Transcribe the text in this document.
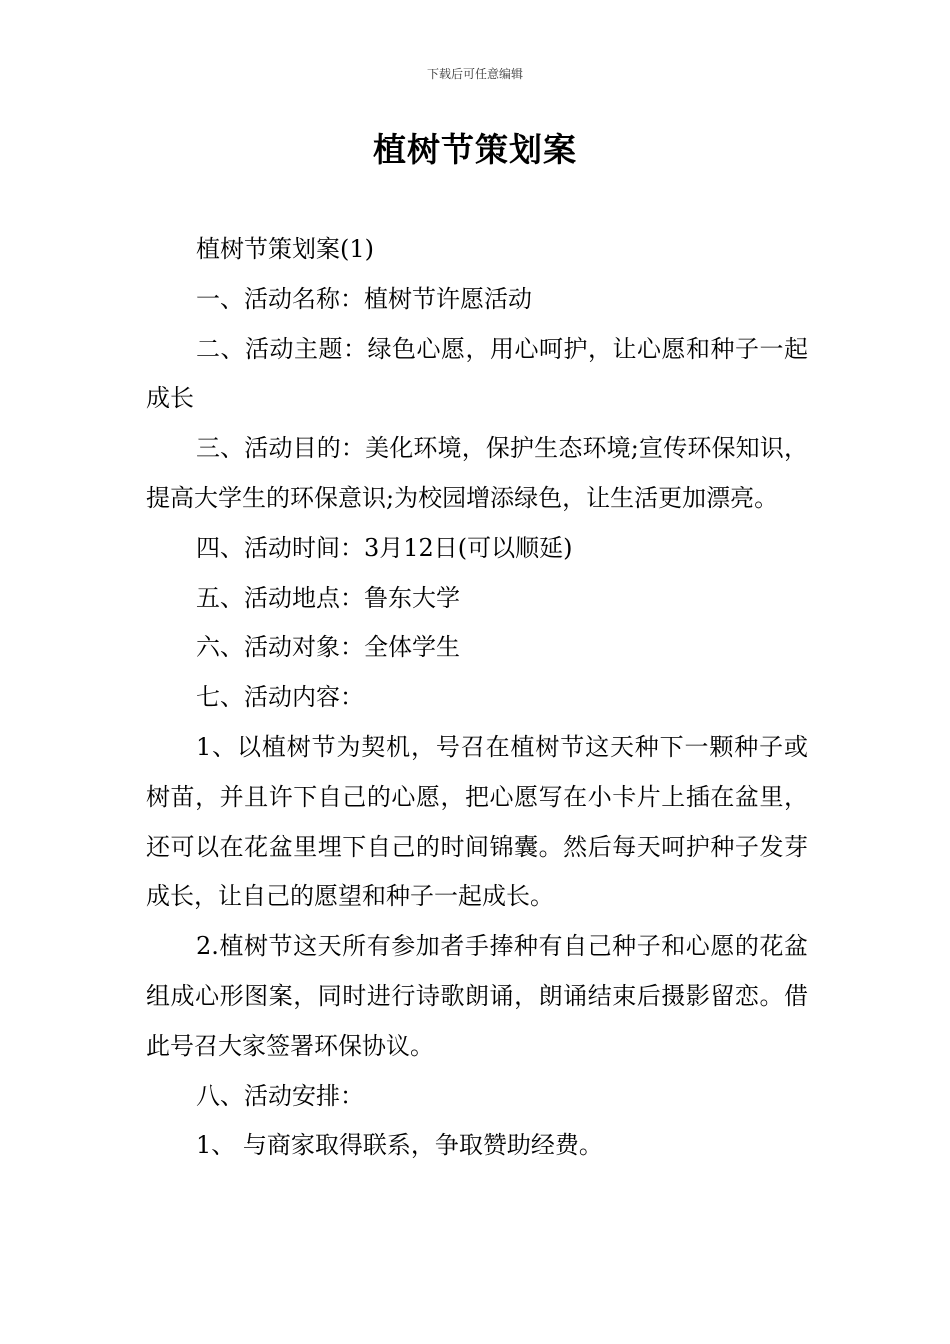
下载后可任意编辑
植树节策划案

植树节策划案(1)

一、活动名称：植树节许愿活动

二、活动主题：绿色心愿，用心呵护，让心愿和种子一起成长

三、活动目的：美化环境，保护生态环境;宣传环保知识，提高大学生的环保意识;为校园增添绿色，让生活更加漂亮。

四、活动时间：3月12日(可以顺延)

五、活动地点：鲁东大学

六、活动对象：全体学生

七、活动内容：

1、以植树节为契机，号召在植树节这天种下一颗种子或树苗，并且许下自己的心愿，把心愿写在小卡片上插在盆里，还可以在花盆里埋下自己的时间锦囊。然后每天呵护种子发芽成长，让自己的愿望和种子一起成长。

2.植树节这天所有参加者手捧种有自己种子和心愿的花盆组成心形图案，同时进行诗歌朗诵，朗诵结束后摄影留恋。借此号召大家签署环保协议。

八、活动安排：

1、 与商家取得联系，争取赞助经费。
